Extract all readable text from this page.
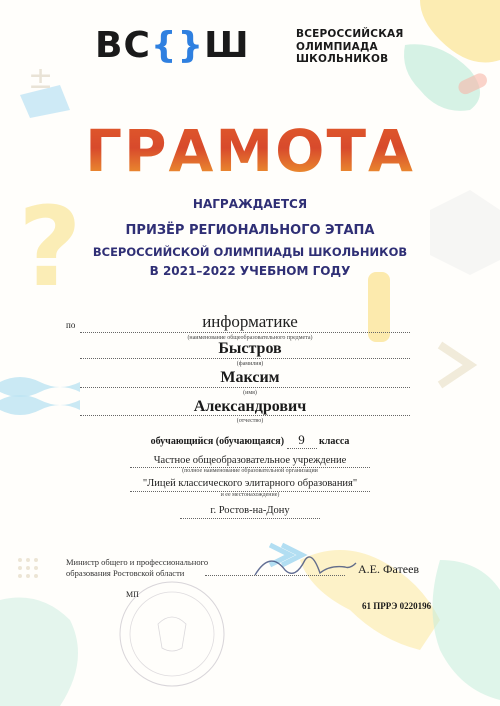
±
?
ВС{}Ш	ВСЕРОССИЙСКАЯ
ОЛИМПИАДА
ШКОЛЬНИКОВ
ГРАМОТА
НАГРАЖДАЕТСЯ
ПРИЗЁР РЕГИОНАЛЬНОГО ЭТАПА
ВСЕРОССИЙСКОЙ ОЛИМПИАДЫ ШКОЛЬНИКОВ
В 2021–2022 УЧЕБНОМ ГОДУ
по	информатике
(наименование общеобразовательного предмета)
Быстров
(фамилия)
Максим
(имя)
Александрович
(отчество)
обучающийся (обучающаяся) 9 класса
Частное общеобразовательное учреждение
(полное наименование образовательной организации
"Лицей классического элитарного образования"
и ее местонахождение)
г. Ростов-на-Дону
Министр общего и профессионального
образования Ростовской области	А.Е. Фатеев
МП
61 ПРРЭ 0220196
